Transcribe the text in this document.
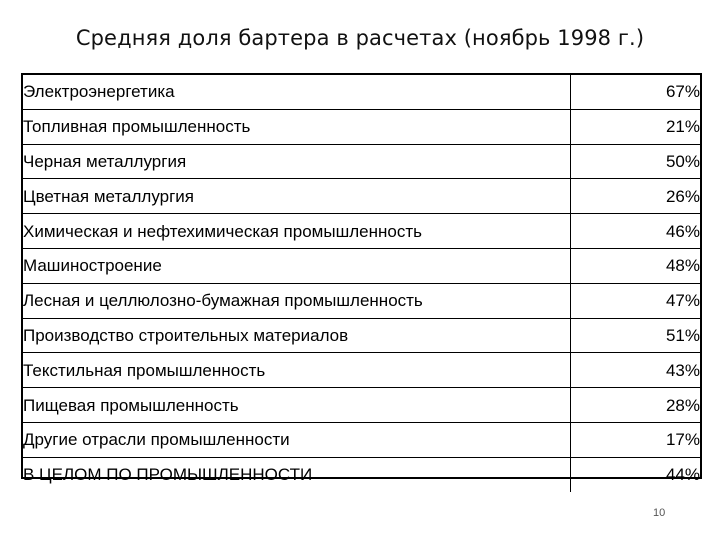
Средняя доля бартера в расчетах (ноябрь 1998 г.)
Электроэнергетика	67%
Топливная промышленность	21%
Черная металлургия	50%
Цветная металлургия	26%
Химическая и нефтехимическая промышленность	46%
Машиностроение	48%
Лесная и целлюлозно-бумажная промышленность	47%
Производство строительных материалов	51%
Текстильная промышленность	43%
Пищевая промышленность	28%
Другие отрасли промышленности	17%
В ЦЕЛОМ ПО ПРОМЫШЛЕННОСТИ	44%
10
